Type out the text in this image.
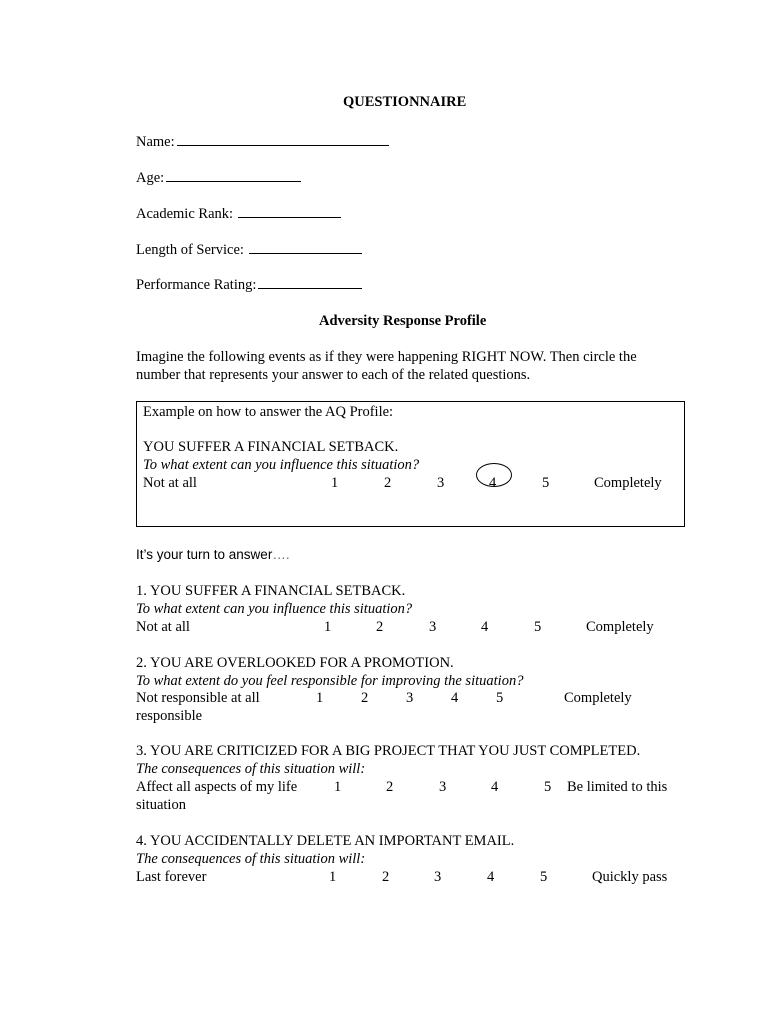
QUESTIONNAIRE
Name:
Age:
Academic Rank:
Length of Service:
Performance Rating:
Adversity Response Profile
Imagine the following events as if they were happening RIGHT NOW. Then circle the
number that represents your answer to each of the related questions.
Example on how to answer the AQ Profile:
YOU SUFFER A FINANCIAL SETBACK.
To what extent can you influence this situation?
Not at all	1	2	3	4	5	Completely
It’s your turn to answer….
1. YOU SUFFER A FINANCIAL SETBACK.
To what extent can you influence this situation?
Not at all	1	2	3	4	5	Completely
2. YOU ARE OVERLOOKED FOR A PROMOTION.
To what extent do you feel responsible for improving the situation?
Not responsible at all	1	2	3	4	5	Completely
responsible
3. YOU ARE CRITICIZED FOR A BIG PROJECT THAT YOU JUST COMPLETED.
The consequences of this situation will:
Affect all aspects of my life	1	2	3	4	5 Be limited to this
situation
4. YOU ACCIDENTALLY DELETE AN IMPORTANT EMAIL.
The consequences of this situation will:
Last forever	1	2	3	4	5	Quickly pass
